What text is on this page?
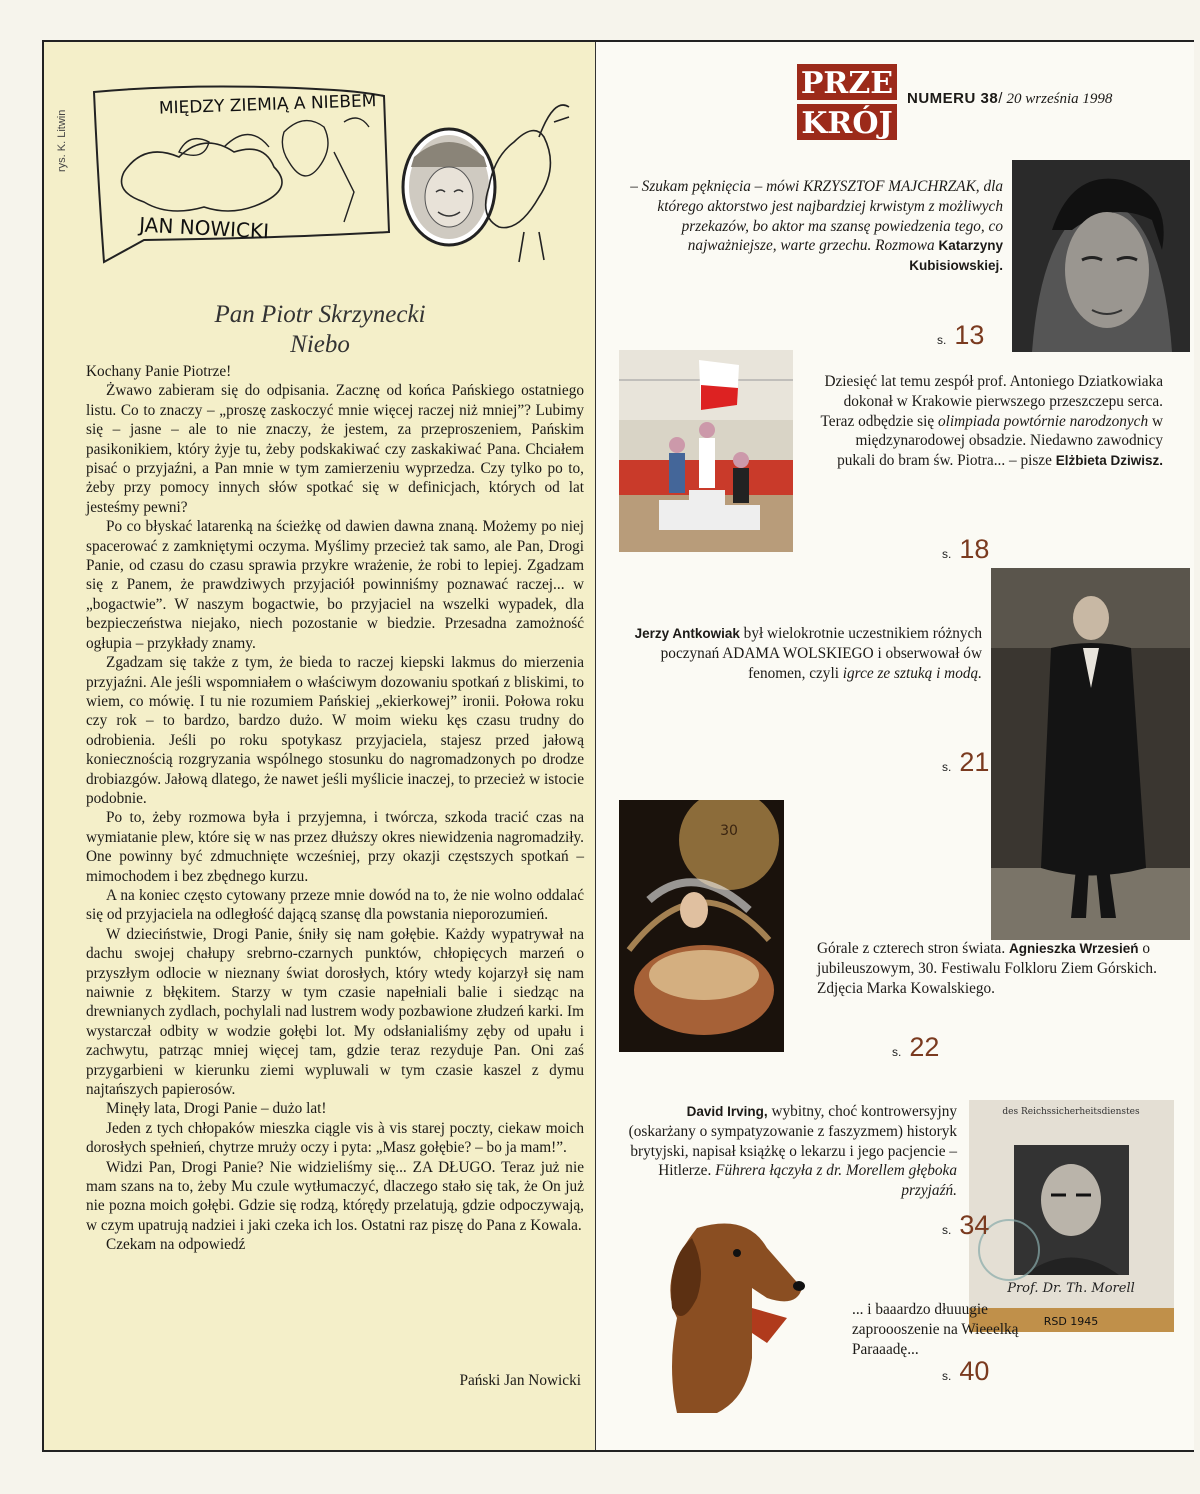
rys. K. Litwin
MIĘDZY ZIEMIĄ A NIEBEM
JAN NOWICKI
Pan Piotr Skrzynecki
Niebo

Kochany Panie Piotrze!

Żwawo zabieram się do odpisania. Zacznę od końca Pańskiego ostatniego listu. Co to znaczy – „proszę zaskoczyć mnie więcej raczej niż mniej”? Lubimy się – jasne – ale to nie znaczy, że jestem, za przeproszeniem, Pańskim pasikonikiem, który żyje tu, żeby podskakiwać czy zaskakiwać Pana. Chciałem pisać o przyjaźni, a Pan mnie w tym zamierzeniu wyprzedza. Czy tylko po to, żeby przy pomocy innych słów spotkać się w definicjach, których od lat jesteśmy pewni?

Po co błyskać latarenką na ścieżkę od dawien dawna znaną. Możemy po niej spacerować z zamkniętymi oczyma. Myślimy przecież tak samo, ale Pan, Drogi Panie, od czasu do czasu sprawia przykre wrażenie, że robi to lepiej. Zgadzam się z Panem, że prawdziwych przyjaciół powinniśmy poznawać raczej... w „bogactwie”. W naszym bogactwie, bo przyjaciel na wszelki wypadek, dla bezpieczeństwa niejako, niech pozostanie w biedzie. Przesadna zamożność ogłupia – przykłady znamy.

Zgadzam się także z tym, że bieda to raczej kiepski lakmus do mierzenia przyjaźni. Ale jeśli wspomniałem o właściwym dozowaniu spotkań z bliskimi, to wiem, co mówię. I tu nie rozumiem Pańskiej „ekierkowej” ironii. Połowa roku czy rok – to bardzo, bardzo dużo. W moim wieku kęs czasu trudny do odrobienia. Jeśli po roku spotykasz przyjaciela, stajesz przed jałową koniecznością rozgryzania wspólnego stosunku do nagromadzonych po drodze drobiazgów. Jałową dlatego, że nawet jeśli myślicie inaczej, to przecież w istocie podobnie.

Po to, żeby rozmowa była i przyjemna, i twórcza, szkoda tracić czas na wymiatanie plew, które się w nas przez dłuższy okres niewidzenia nagromadziły. One powinny być zdmuchnięte wcześniej, przy okazji częstszych spotkań – mimochodem i bez zbędnego kurzu.

A na koniec często cytowany przeze mnie dowód na to, że nie wolno oddalać się od przyjaciela na odległość dającą szansę dla powstania nieporozumień.

W dzieciństwie, Drogi Panie, śniły się nam gołębie. Każdy wypatrywał na dachu swojej chałupy srebrno-czarnych punktów, chłopięcych marzeń o przyszłym odlocie w nieznany świat dorosłych, który wtedy kojarzył się nam naiwnie z błękitem. Starzy w tym czasie napełniali balie i siedząc na drewnianych zydlach, pochylali nad lustrem wody pozbawione złudzeń karki. Im wystarczał odbity w wodzie gołębi lot. My odsłanialiśmy zęby od upału i zachwytu, patrząc mniej więcej tam, gdzie teraz rezyduje Pan. Oni zaś przygarbieni w kierunku ziemi wypluwali w tym czasie kaszel z dymu najtańszych papierosów.

Minęły lata, Drogi Panie – dużo lat!

Jeden z tych chłopaków mieszka ciągle vis à vis starej poczty, ciekaw moich dorosłych spełnień, chytrze mruży oczy i pyta: „Masz gołębie? – bo ja mam!”.

Widzi Pan, Drogi Panie? Nie widzieliśmy się... ZA DŁUGO. Teraz już nie mam szans na to, żeby Mu czule wytłumaczyć, dlaczego stało się tak, że On już nie pozna moich gołębi. Gdzie się rodzą, którędy przelatują, gdzie odpoczywają, w czym upatrują nadziei i jaki czeka ich los. Ostatni raz piszę do Pana z Kowala.

Czekam na odpowiedź

Pański Jan Nowicki
PRZE
KRÓJ
NUMERU 38/ 20 września 1998
– Szukam pęknięcia – mówi KRZYSZTOF MAJCHRZAK, dla którego aktorstwo jest najbardziej krwistym z możliwych przekazów, bo aktor ma szansę powiedzenia tego, co najważniejsze, warte grzechu. Rozmowa Katarzyny Kubisiowskiej.
s. 13
Dziesięć lat temu zespół prof. Antoniego Dziatkowiaka dokonał w Krakowie pierwszego przeszczepu serca. Teraz odbędzie się olimpiada powtórnie narodzonych w międzynarodowej obsadzie. Niedawno zawodnicy pukali do bram św. Piotra... – pisze Elżbieta Dziwisz.
s. 18
Jerzy Antkowiak był wielokrotnie uczestnikiem różnych poczynań ADAMA WOLSKIEGO i obserwował ów fenomen, czyli igrce ze sztuką i modą.
s. 21
30
Górale z czterech stron świata. Agnieszka Wrzesień o jubileuszowym, 30. Festiwalu Folkloru Ziem Górskich. Zdjęcia Marka Kowalskiego.
s. 22
des Reichssicherheitsdienstes
Prof. Dr. Th. Morell
RSD 1945
David Irving, wybitny, choć kontrowersyjny (oskarżany o sympatyzowanie z faszyzmem) historyk brytyjski, napisał książkę o lekarzu i jego pacjencie – Hitlerze. Führera łączyła z dr. Morellem głęboka przyjaźń.
s. 34
... i baaardzo dłuuugie zaproooszenie na Wieeelką Paraaadę...
s. 40
